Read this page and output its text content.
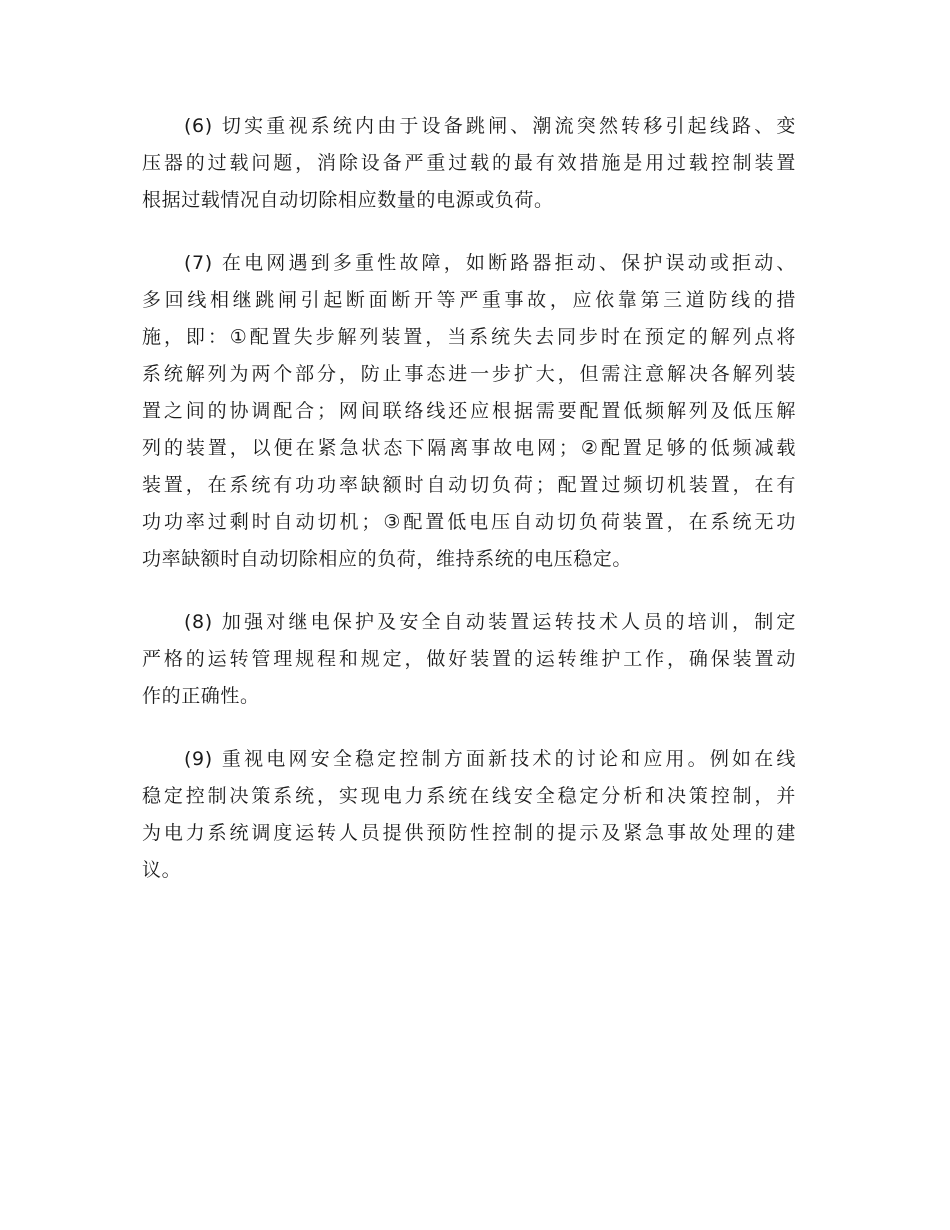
(6) 切实重视系统内由于设备跳闸、潮流突然转移引起线路、变
压器的过载问题，消除设备严重过载的最有效措施是用过载控制装置
根据过载情况自动切除相应数量的电源或负荷。

(7) 在电网遇到多重性故障，如断路器拒动、保护误动或拒动、
多回线相继跳闸引起断面断开等严重事故，应依靠第三道防线的措
施，即：①配置失步解列装置，当系统失去同步时在预定的解列点将
系统解列为两个部分，防止事态进一步扩大，但需注意解决各解列装
置之间的协调配合；网间联络线还应根据需要配置低频解列及低压解
列的装置，以便在紧急状态下隔离事故电网；②配置足够的低频减载
装置，在系统有功功率缺额时自动切负荷；配置过频切机装置，在有
功功率过剩时自动切机；③配置低电压自动切负荷装置，在系统无功
功率缺额时自动切除相应的负荷，维持系统的电压稳定。

(8) 加强对继电保护及安全自动装置运转技术人员的培训，制定
严格的运转管理规程和规定，做好装置的运转维护工作，确保装置动
作的正确性。

(9) 重视电网安全稳定控制方面新技术的讨论和应用。例如在线
稳定控制决策系统，实现电力系统在线安全稳定分析和决策控制，并
为电力系统调度运转人员提供预防性控制的提示及紧急事故处理的建
议。
